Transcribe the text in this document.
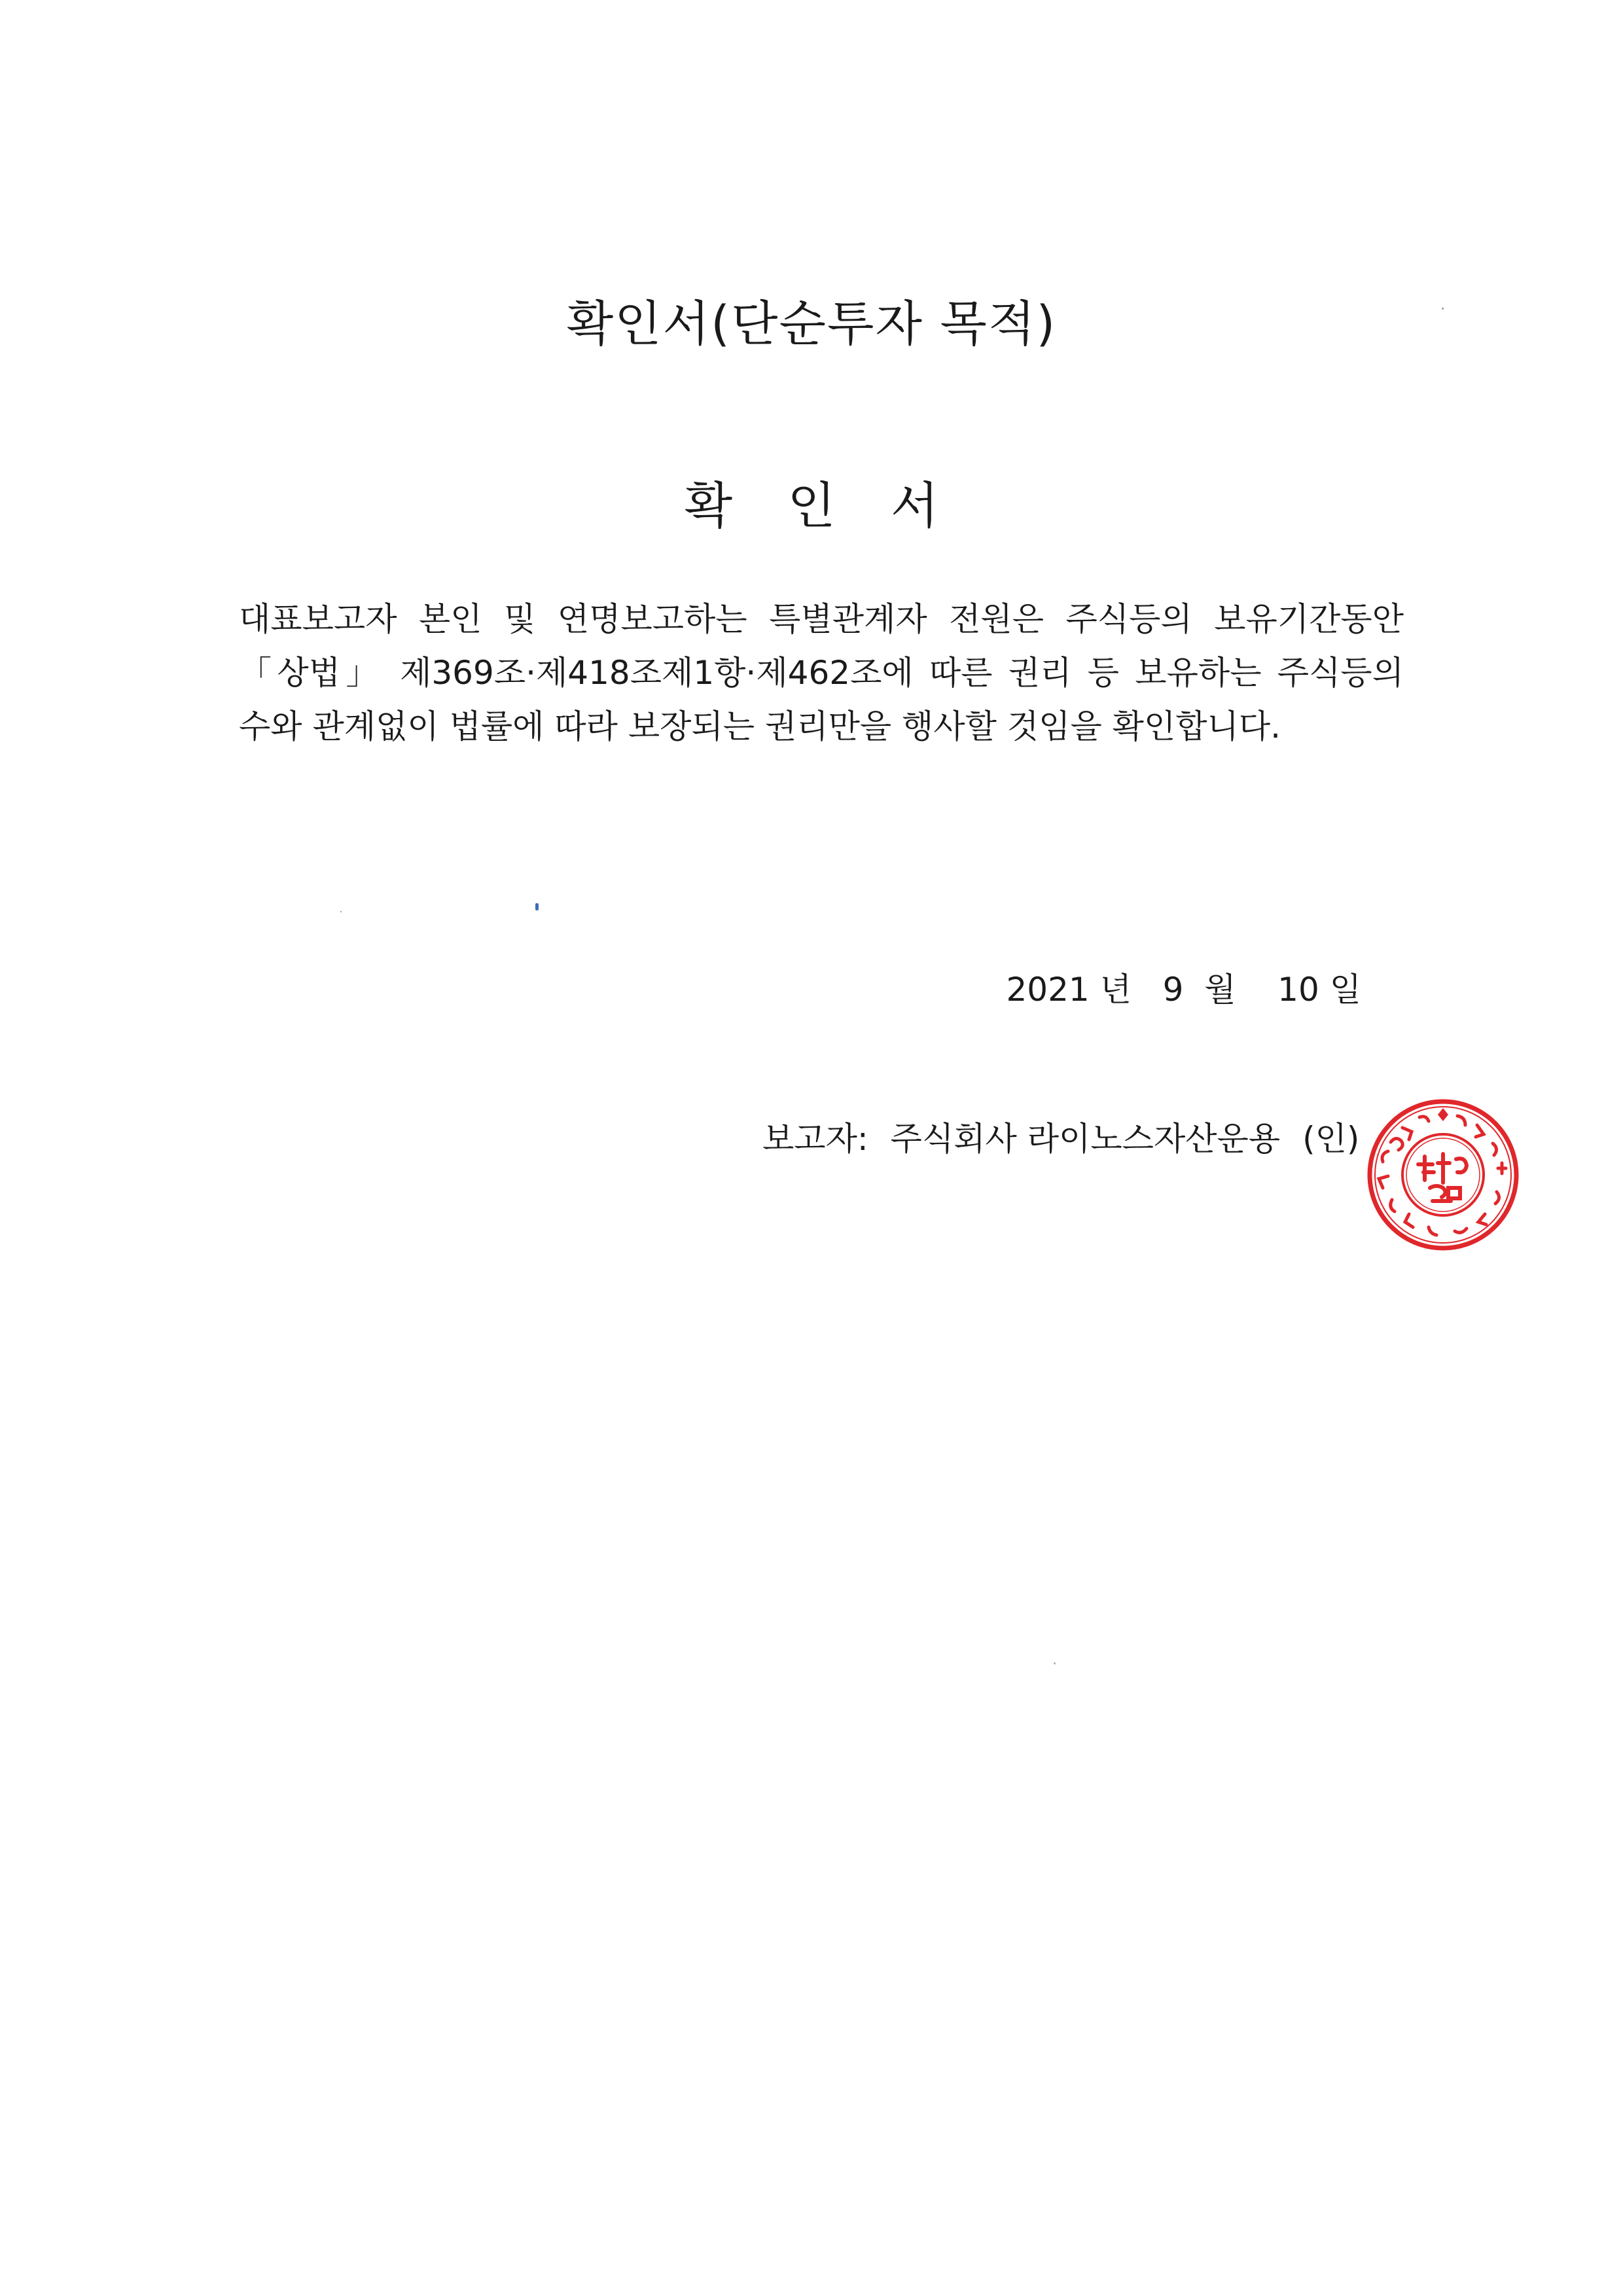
확인서(단순투자 목적)
확 인 서
대표보고자 본인 및 연명보고하는 특별관계자 전원은 주식등의 보유기간동안 「상법」 제369조·제418조제1항·제462조에 따른 권리 등 보유하는 주식등의 수와 관계없이 법률에 따라 보장되는 권리만을 행사할 것임을 확인합니다.
2021 년 9 월 10 일
보고자: 주식회사 라이노스자산운용 (인)
